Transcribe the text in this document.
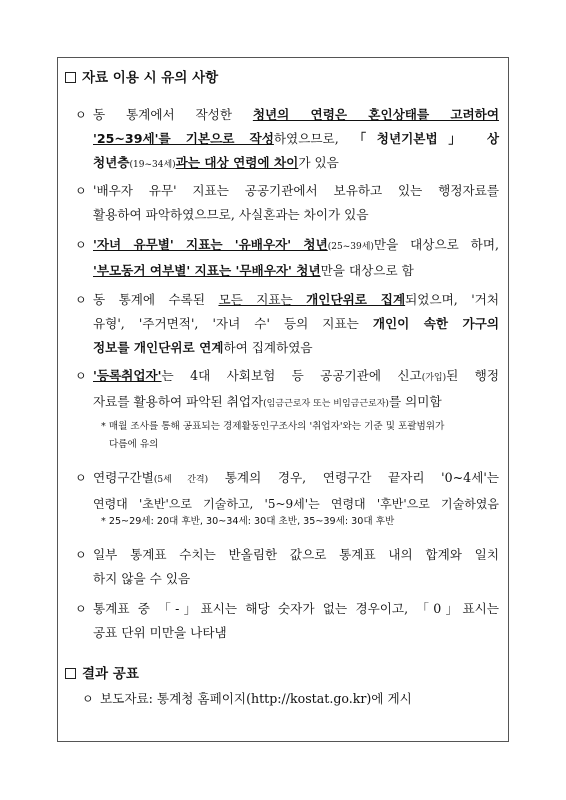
자료 이용 시 유의 사항
ㅇ 동 통계에서 작성한 청년의 연령은 혼인상태를 고려하여
'25~39세'를 기본으로 작성하였으므로, 「청년기본법」 상
청년층(19~34세)과는 대상 연령에 차이가 있음
ㅇ '배우자 유무' 지표는 공공기관에서 보유하고 있는 행정자료를
활용하여 파악하였으므로, 사실혼과는 차이가 있음
ㅇ '자녀 유무별' 지표는 '유배우자' 청년(25~39세)만을 대상으로 하며,
'부모동거 여부별' 지표는 '무배우자' 청년만을 대상으로 함
ㅇ 동 통계에 수록된 모든 지표는 개인단위로 집계되었으며, '거처
유형', '주거면적', '자녀 수' 등의 지표는 개인이 속한 가구의
정보를 개인단위로 연계하여 집계하였음
ㅇ '등록취업자'는 4대 사회보험 등 공공기관에 신고(가입)된 행정
자료를 활용하여 파악된 취업자(임금근로자 또는 비임금근로자)를 의미함
* 매월 조사를 통해 공표되는 경제활동인구조사의 '취업자'와는 기준 및 포괄범위가
다름에 유의
ㅇ 연령구간별(5세 간격) 통계의 경우, 연령구간 끝자리 '0~4세'는
연령대 '초반'으로 기술하고, '5~9세'는 연령대 '후반'으로 기술하였음
* 25~29세: 20대 후반, 30~34세: 30대 초반, 35~39세: 30대 후반
ㅇ 일부 통계표 수치는 반올림한 값으로 통계표 내의 합계와 일치
하지 않을 수 있음
ㅇ 통계표 중 「-」표시는 해당 숫자가 없는 경우이고, 「0」표시는
공표 단위 미만을 나타냄
결과 공표
ㅇ 보도자료: 통계청 홈페이지(http://kostat.go.kr)에 게시
